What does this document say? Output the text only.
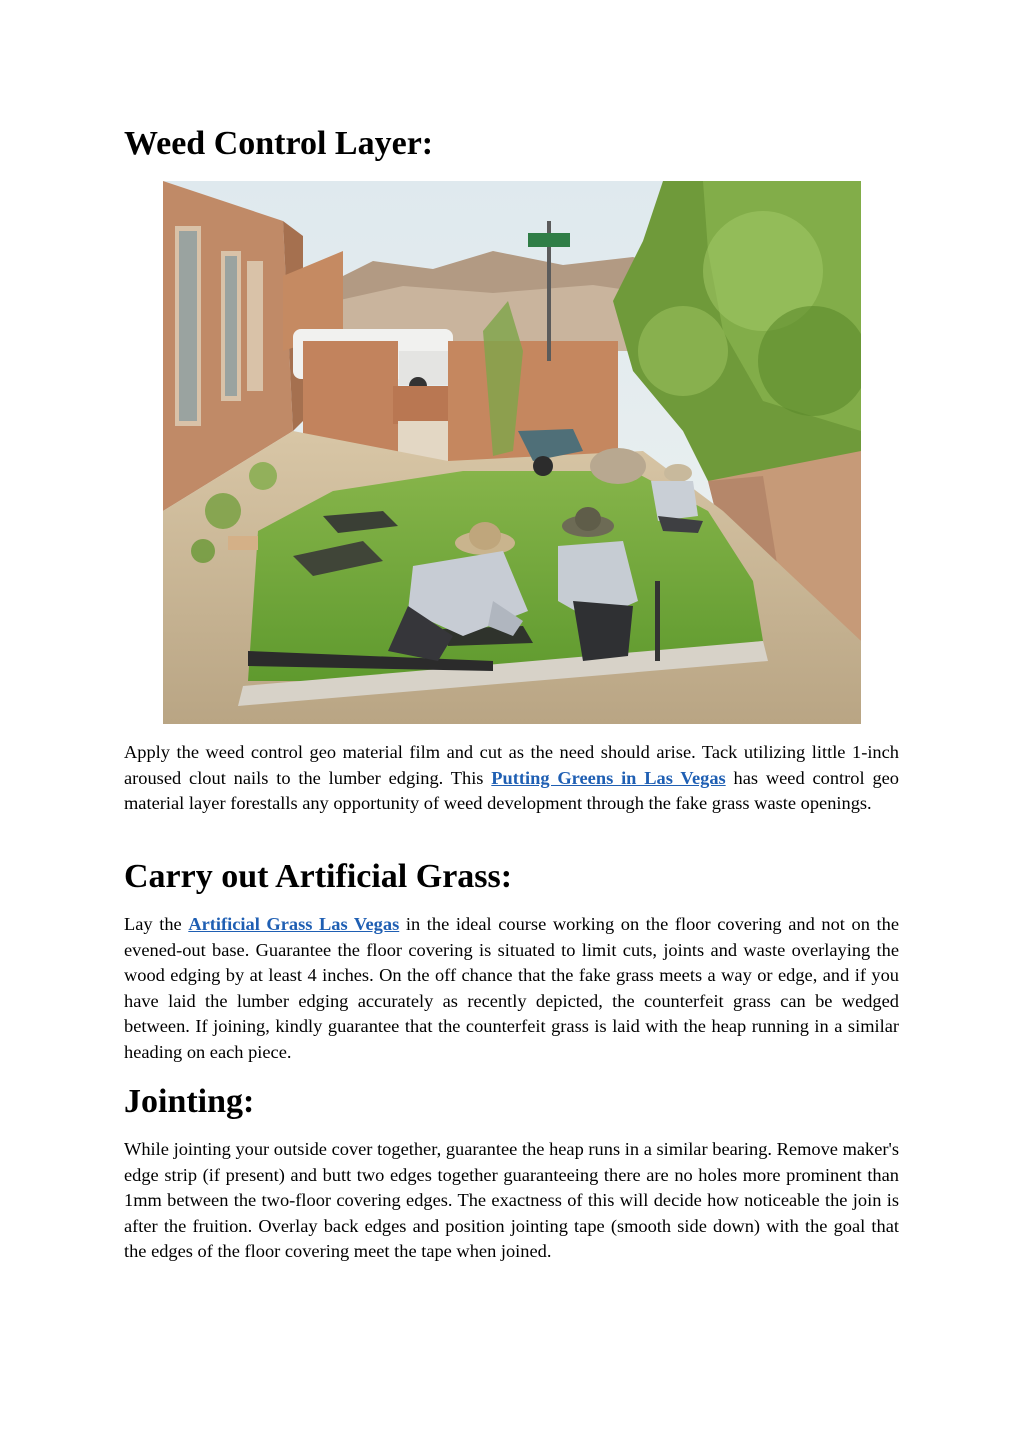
Weed Control Layer:

Apply the weed control geo material film and cut as the need should arise. Tack utilizing little 1-inch aroused clout nails to the lumber edging. This Putting Greens in Las Vegas has weed control geo material layer forestalls any opportunity of weed development through the fake grass waste openings.

Carry out Artificial Grass:

Lay the Artificial Grass Las Vegas in the ideal course working on the floor covering and not on the evened-out base. Guarantee the floor covering is situated to limit cuts, joints and waste overlaying the wood edging by at least 4 inches. On the off chance that the fake grass meets a way or edge, and if you have laid the lumber edging accurately as recently depicted, the counterfeit grass can be wedged between. If joining, kindly guarantee that the counterfeit grass is laid with the heap running in a similar heading on each piece.

Jointing:

While jointing your outside cover together, guarantee the heap runs in a similar bearing. Remove maker's edge strip (if present) and butt two edges together guaranteeing there are no holes more prominent than 1mm between the two-floor covering edges. The exactness of this will decide how noticeable the join is after the fruition. Overlay back edges and position jointing tape (smooth side down) with the goal that the edges of the floor covering meet the tape when joined.
